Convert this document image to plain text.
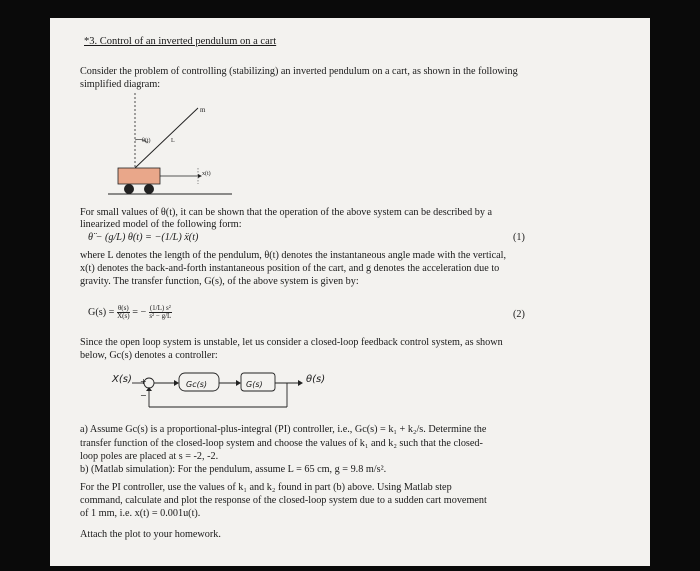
*3. Control of an inverted pendulum on a cart
Consider the problem of controlling (stabilizing) an inverted pendulum on a cart, as shown in the following
simplified diagram:
m
θ(t)	L
x(t)
For small values of θ(t), it can be shown that the operation of the above system can be described by a
linearized model of the following form:
θ̈ − (g/L) θ(t) = −(1/L) ẍ(t)	(1)
where L denotes the length of the pendulum, θ(t) denotes the instantaneous angle made with the vertical,
x(t) denotes the back-and-forth instantaneous position of the cart, and g denotes the acceleration due to
gravity. The transfer function, G(s), of the above system is given by:
$G(s) = \frac{\theta(s)}{X(s)}$ = − $\frac{\text{(1/L) s²}}{\text{s² − g/L}}$	(2)
Since the open loop system is unstable, let us consider a closed-loop feedback control system, as shown
below, Gc(s) denotes a controller:
X(s) +
−
Gc(s)	G(s)	θ(s)
a) Assume Gc(s) is a proportional-plus-integral (PI) controller, i.e., Gc(s) = k₁ + k₂/s. Determine the
transfer function of the closed-loop system and choose the values of k₁ and k₂ such that the closed-
loop poles are placed at s = -2, -2.
b) (Matlab simulation): For the pendulum, assume L = 65 cm, g = 9.8 m/s².
For the PI controller, use the values of k₁ and k₂ found in part (b) above. Using Matlab step
command, calculate and plot the response of the closed-loop system due to a sudden cart movement
of 1 mm, i.e. x(t) = 0.001u(t).
Attach the plot to your homework.
